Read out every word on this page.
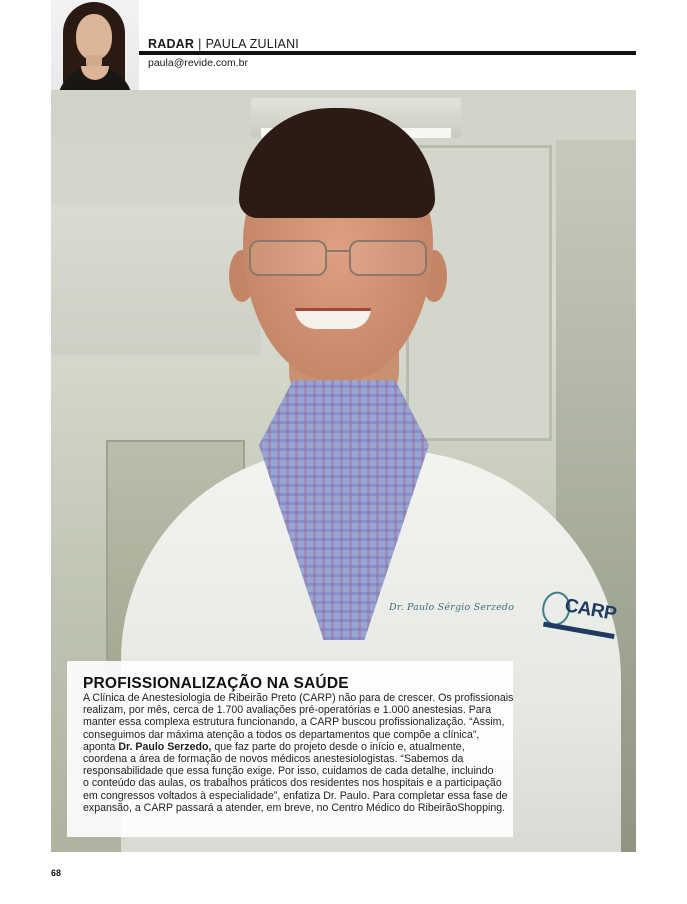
RADAR | PAULA ZULIANI
paula@revide.com.br
Dr. Paulo Sérgio Serzedo	CARP
PROFISSIONALIZAÇÃO NA SAÚDE
A Clínica de Anestesiologia de Ribeirão Preto (CARP) não para de crescer. Os profissionais
realizam, por mês, cerca de 1.700 avaliações pré-operatórias e 1.000 anestesias. Para
manter essa complexa estrutura funcionando, a CARP buscou profissionalização. “Assim,
conseguimos dar máxima atenção a todos os departamentos que compõe a clínica”,
aponta Dr. Paulo Serzedo, que faz parte do projeto desde o início e, atualmente,
coordena a área de formação de novos médicos anestesiologistas. “Sabemos da
responsabilidade que essa função exige. Por isso, cuidamos de cada detalhe, incluindo
o conteúdo das aulas, os trabalhos práticos dos residentes nos hospitais e a participação
em congressos voltados à especialidade”, enfatiza Dr. Paulo. Para completar essa fase de
expansão, a CARP passará a atender, em breve, no Centro Médico do RibeirãoShopping.
68
